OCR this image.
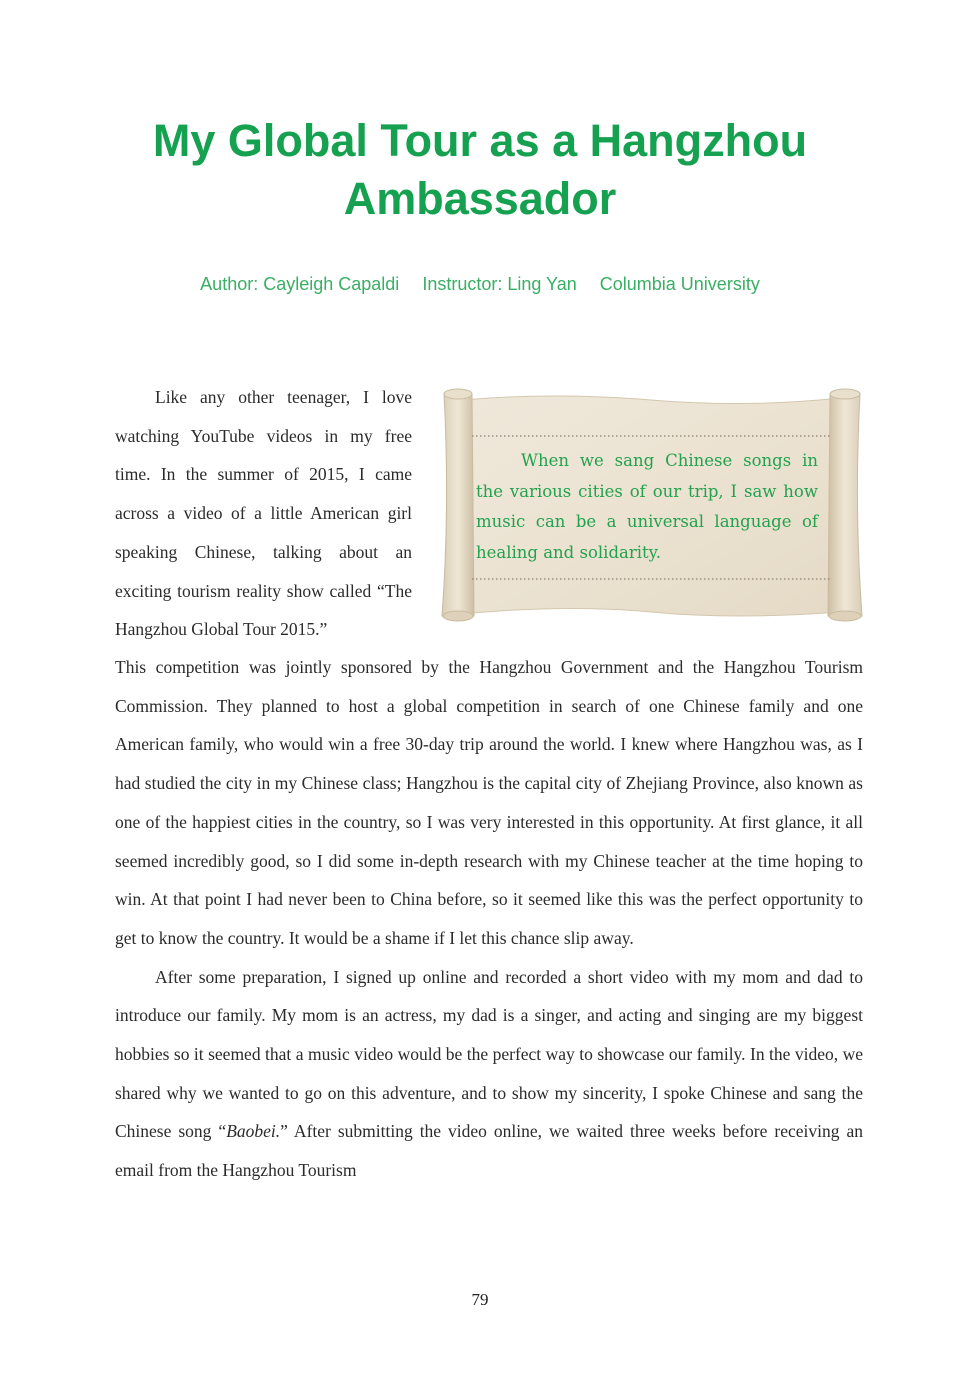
My Global Tour as a Hangzhou Ambassador
Author: Cayleigh Capaldi Instructor: Ling Yan Columbia University

When we sang Chinese songs in the various cities of our trip, I saw how music can be a universal language of healing and solidarity.

Like any other teenager, I love watching YouTube videos in my free time. In the summer of 2015, I came across a video of a little American girl speaking Chinese, talking about an exciting tourism reality show called “The Hangzhou Global Tour 2015.”

This competition was jointly sponsored by the Hangzhou Government and the Hangzhou Tourism Commission. They planned to host a global competition in search of one Chinese family and one American family, who would win a free 30-day trip around the world. I knew where Hangzhou was, as I had studied the city in my Chinese class; Hangzhou is the capital city of Zhejiang Province, also known as one of the happiest cities in the country, so I was very interested in this opportunity. At first glance, it all seemed incredibly good, so I did some in-depth research with my Chinese teacher at the time hoping to win. At that point I had never been to China before, so it seemed like this was the perfect opportunity to get to know the country. It would be a shame if I let this chance slip away.

After some preparation, I signed up online and recorded a short video with my mom and dad to introduce our family. My mom is an actress, my dad is a singer, and acting and singing are my biggest hobbies so it seemed that a music video would be the perfect way to showcase our family. In the video, we shared why we wanted to go on this adventure, and to show my sincerity, I spoke Chinese and sang the Chinese song “Baobei.” After submitting the video online, we waited three weeks before receiving an email from the Hangzhou Tourism

79
